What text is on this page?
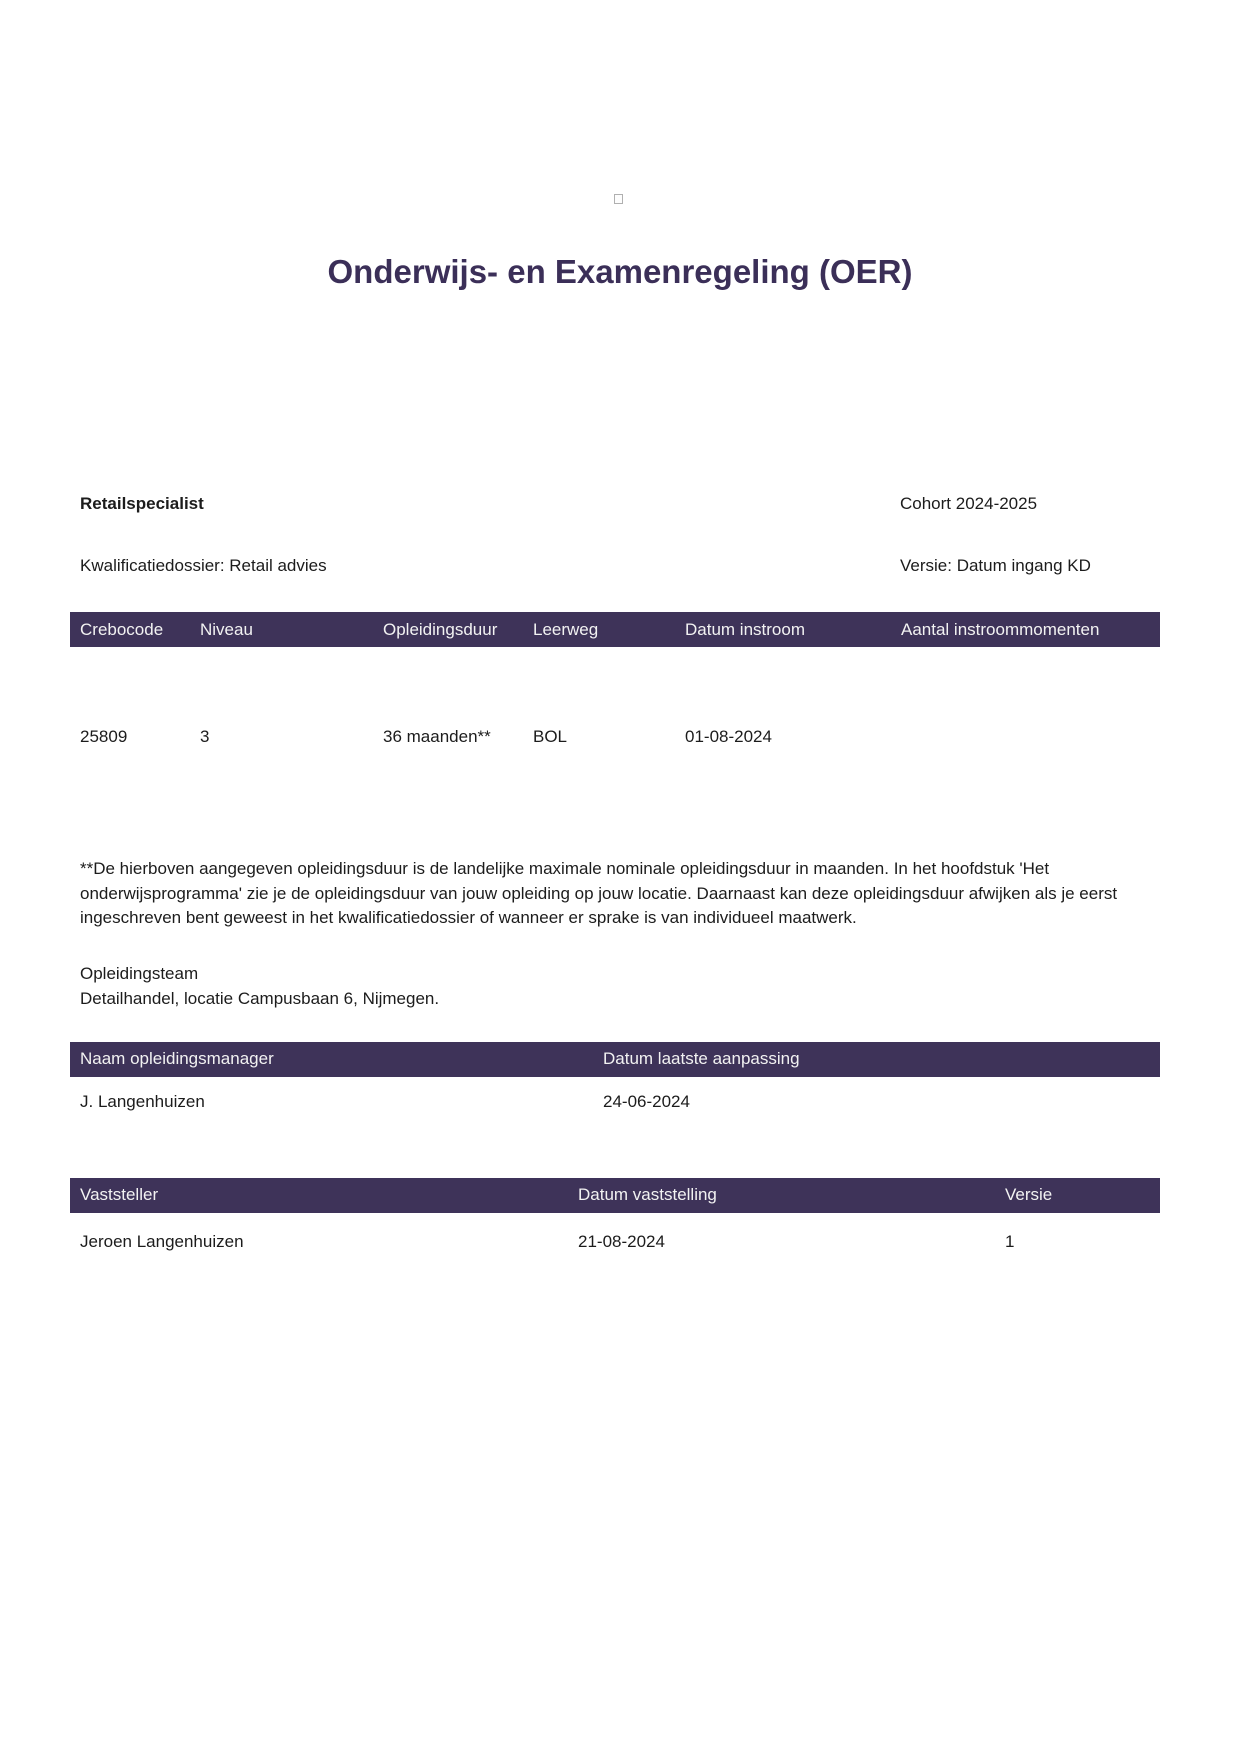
Onderwijs- en Examenregeling (OER)
Retailspecialist	Cohort 2024-2025
Kwalificatiedossier: Retail advies	Versie: Datum ingang KD
Crebocode	Niveau	Opleidingsduur	Leerweg	Datum instroom	Aantal instroommomenten
25809	3	36 maanden**	BOL	01-08-2024

**De hierboven aangegeven opleidingsduur is de landelijke maximale nominale opleidingsduur in maanden. In het hoofdstuk 'Het onderwijsprogramma' zie je de opleidingsduur van jouw opleiding op jouw locatie. Daarnaast kan deze opleidingsduur afwijken als je eerst ingeschreven bent geweest in het kwalificatiedossier of wanneer er sprake is van individueel maatwerk.

Opleidingsteam
Detailhandel, locatie Campusbaan 6, Nijmegen.
Naam opleidingsmanager	Datum laatste aanpassing
J. Langenhuizen	24-06-2024
Vaststeller	Datum vaststelling	Versie
Jeroen Langenhuizen	21-08-2024	1
